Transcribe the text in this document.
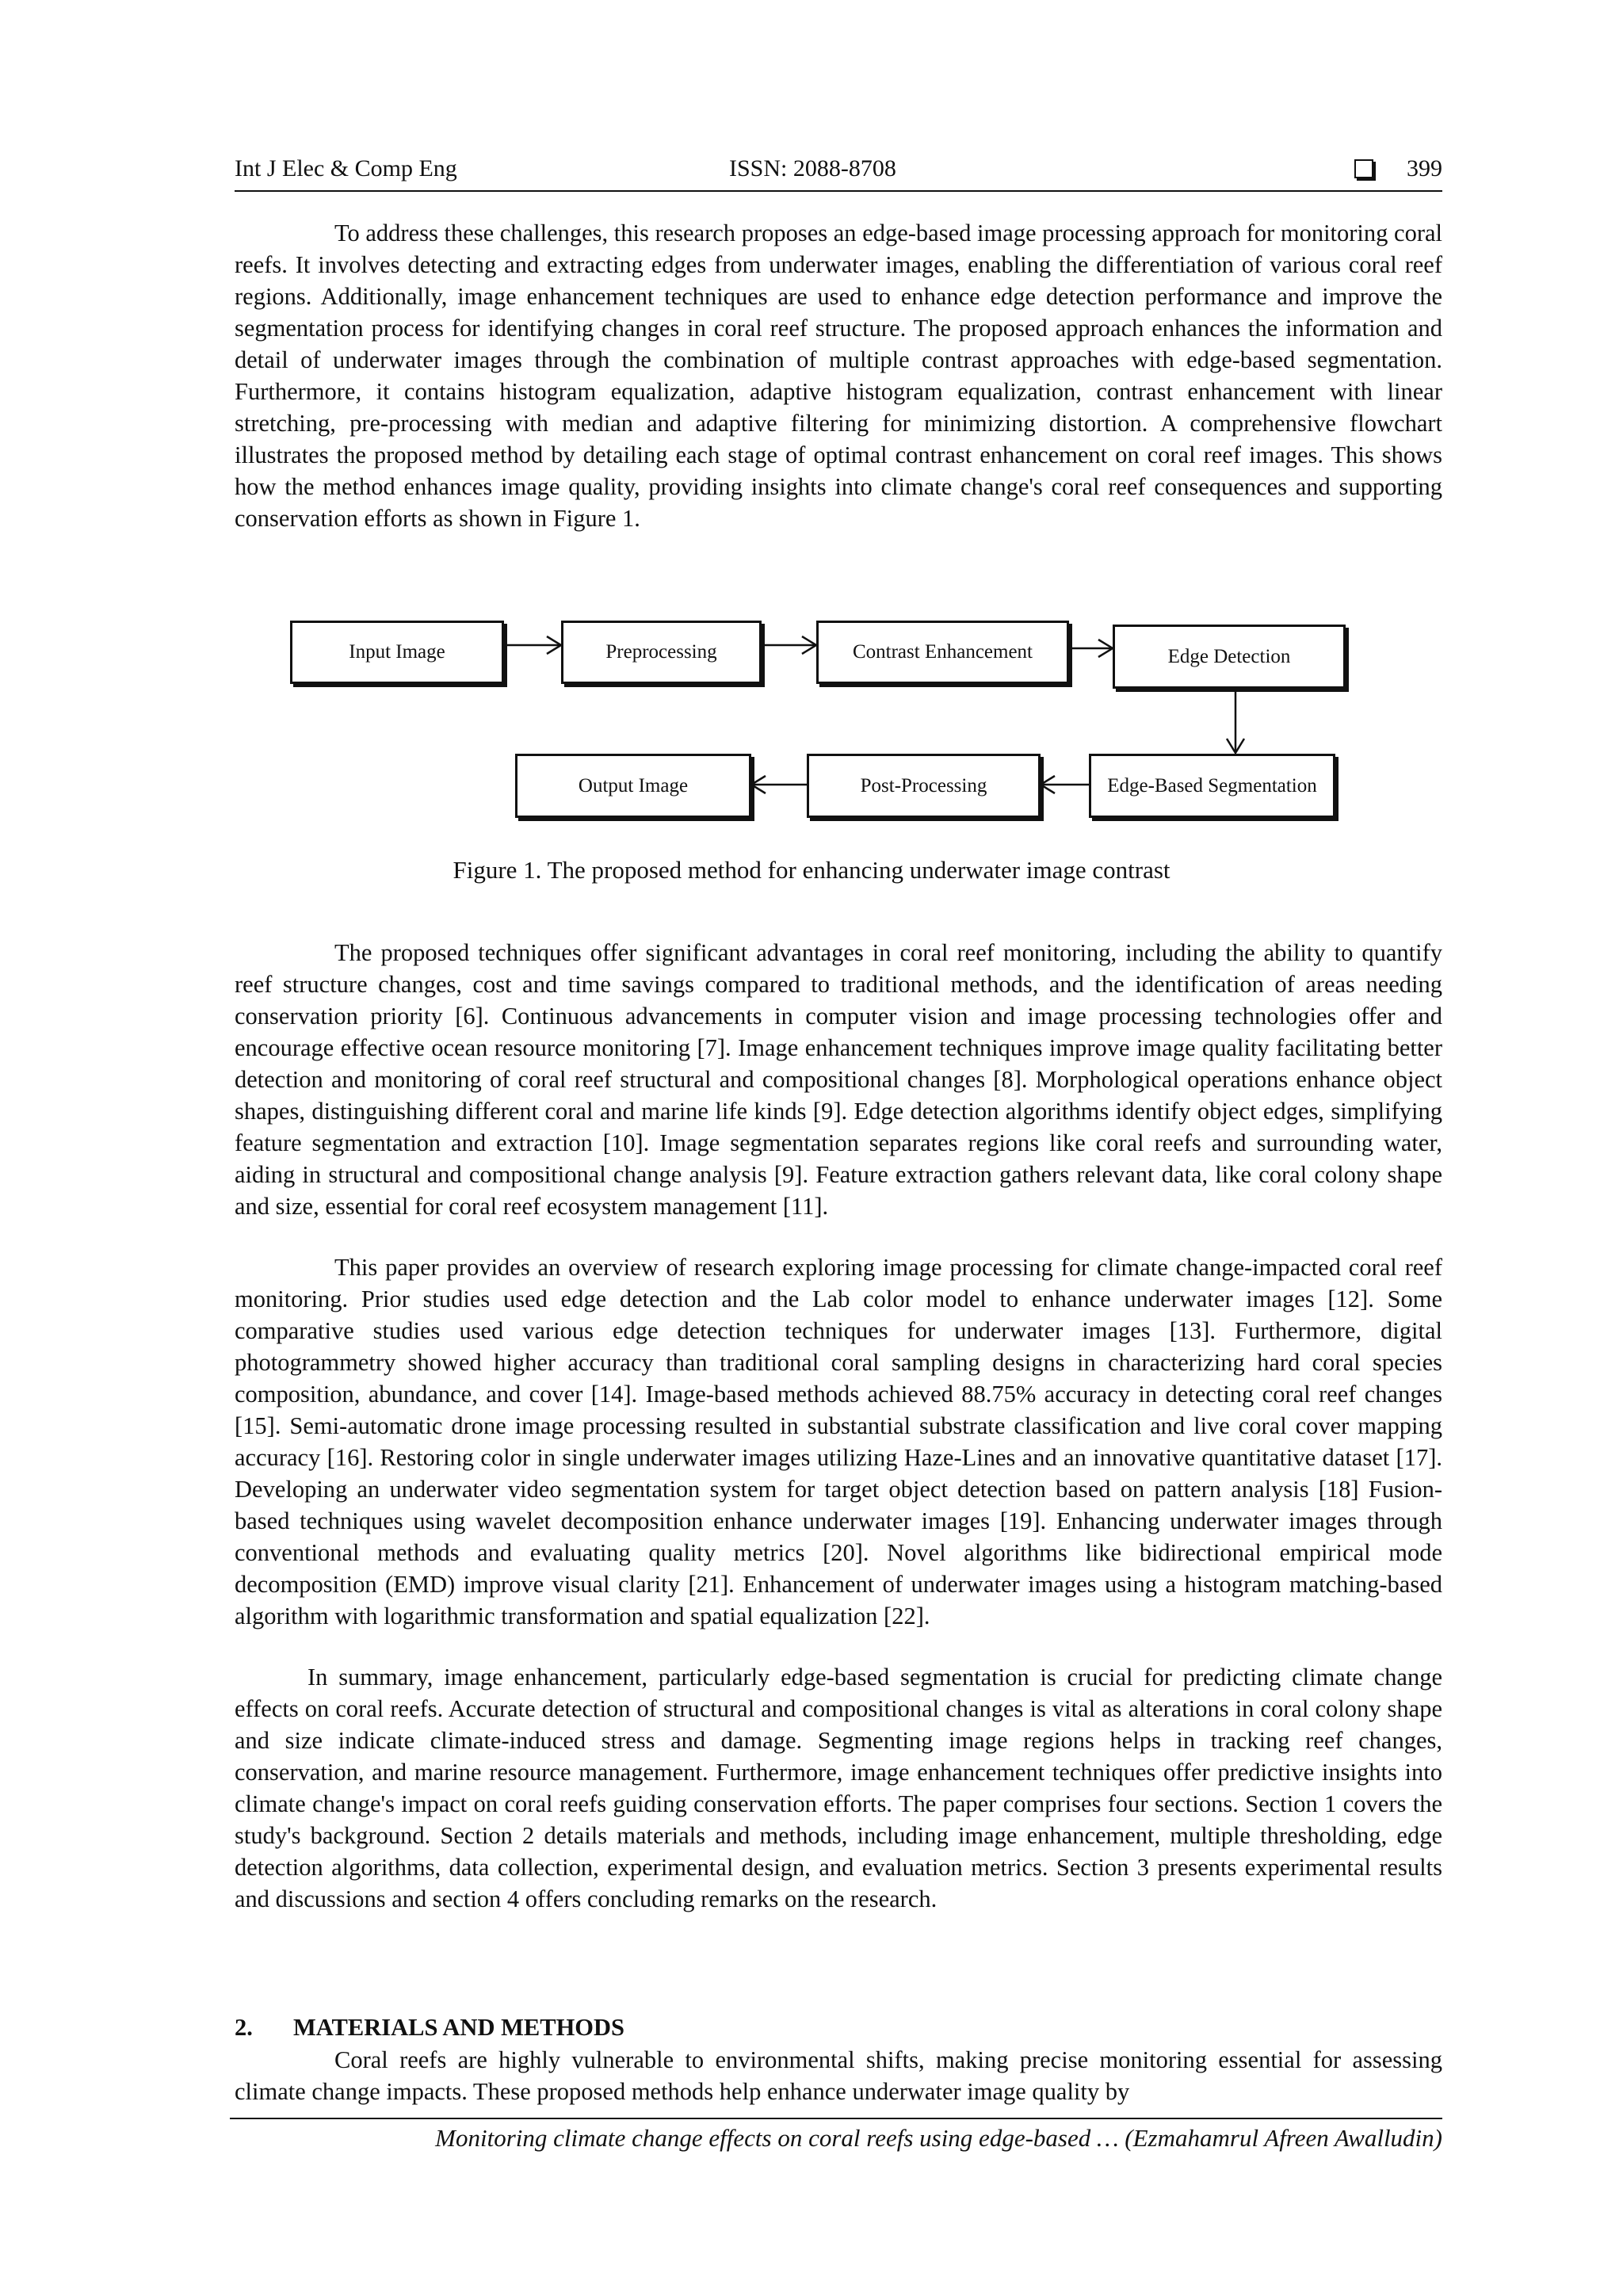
Int J Elec & Comp Eng	ISSN: 2088-8708	399

To address these challenges, this research proposes an edge-based image processing approach for monitoring coral reefs. It involves detecting and extracting edges from underwater images, enabling the differentiation of various coral reef regions. Additionally, image enhancement techniques are used to enhance edge detection performance and improve the segmentation process for identifying changes in coral reef structure. The proposed approach enhances the information and detail of underwater images through the combination of multiple contrast approaches with edge-based segmentation. Furthermore, it contains histogram equalization, adaptive histogram equalization, contrast enhancement with linear stretching, pre-processing with median and adaptive filtering for minimizing distortion. A comprehensive flowchart illustrates the proposed method by detailing each stage of optimal contrast enhancement on coral reef images. This shows how the method enhances image quality, providing insights into climate change's coral reef consequences and supporting conservation efforts as shown in Figure 1.

Input Image	Preprocessing	Contrast Enhancement	Edge Detection
Edge-Based Segmentation
Post-Processing
Output Image

Figure 1. The proposed method for enhancing underwater image contrast

The proposed techniques offer significant advantages in coral reef monitoring, including the ability to quantify reef structure changes, cost and time savings compared to traditional methods, and the identification of areas needing conservation priority [6]. Continuous advancements in computer vision and image processing technologies offer and encourage effective ocean resource monitoring [7]. Image enhancement techniques improve image quality facilitating better detection and monitoring of coral reef structural and compositional changes [8]. Morphological operations enhance object shapes, distinguishing different coral and marine life kinds [9]. Edge detection algorithms identify object edges, simplifying feature segmentation and extraction [10]. Image segmentation separates regions like coral reefs and surrounding water, aiding in structural and compositional change analysis [9]. Feature extraction gathers relevant data, like coral colony shape and size, essential for coral reef ecosystem management [11].

This paper provides an overview of research exploring image processing for climate change-impacted coral reef monitoring. Prior studies used edge detection and the Lab color model to enhance underwater images [12]. Some comparative studies used various edge detection techniques for underwater images [13]. Furthermore, digital photogrammetry showed higher accuracy than traditional coral sampling designs in characterizing hard coral species composition, abundance, and cover [14]. Image-based methods achieved 88.75% accuracy in detecting coral reef changes [15]. Semi-automatic drone image processing resulted in substantial substrate classification and live coral cover mapping accuracy [16]. Restoring color in single underwater images utilizing Haze-Lines and an innovative quantitative dataset [17]. Developing an underwater video segmentation system for target object detection based on pattern analysis [18] Fusion-based techniques using wavelet decomposition enhance underwater images [19]. Enhancing underwater images through conventional methods and evaluating quality metrics [20]. Novel algorithms like bidirectional empirical mode decomposition (EMD) improve visual clarity [21]. Enhancement of underwater images using a histogram matching-based algorithm with logarithmic transformation and spatial equalization [22].

In summary, image enhancement, particularly edge-based segmentation is crucial for predicting climate change effects on coral reefs. Accurate detection of structural and compositional changes is vital as alterations in coral colony shape and size indicate climate-induced stress and damage. Segmenting image regions helps in tracking reef changes, conservation, and marine resource management. Furthermore, image enhancement techniques offer predictive insights into climate change's impact on coral reefs guiding conservation efforts. The paper comprises four sections. Section 1 covers the study's background. Section 2 details materials and methods, including image enhancement, multiple thresholding, edge detection algorithms, data collection, experimental design, and evaluation metrics. Section 3 presents experimental results and discussions and section 4 offers concluding remarks on the research.

2. MATERIALS AND METHODS

Coral reefs are highly vulnerable to environmental shifts, making precise monitoring essential for assessing climate change impacts. These proposed methods help enhance underwater image quality by

Monitoring climate change effects on coral reefs using edge-based … (Ezmahamrul Afreen Awalludin)
